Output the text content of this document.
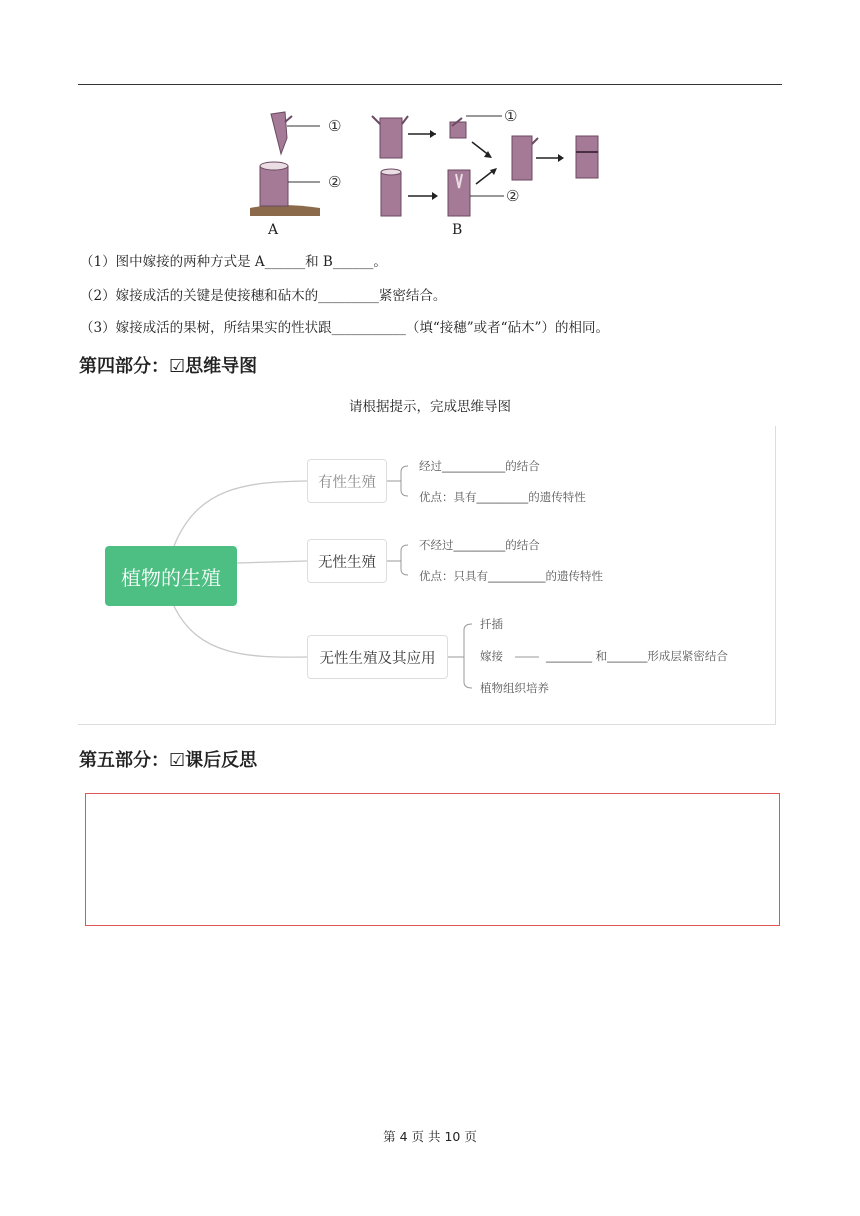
①
②
①
②
A	B
（1）图中嫁接的两种方式是 A______和 B______。
（2）嫁接成活的关键是使接穗和砧木的_________紧密结合。
（3）嫁接成活的果树，所结果实的性状跟___________（填“接穗”或者“砧木”）的相同。
第四部分：☑思维导图
请根据提示，完成思维导图
植物的生殖
有性生殖
无性生殖
无性生殖及其应用
经过___________的结合
优点：具有_________的遗传特性
不经过_________的结合
优点：只具有__________的遗传特性
扦插
嫁接	________ 和_______形成层紧密结合
植物组织培养
第五部分：☑课后反思
第 4 页 共 10 页
